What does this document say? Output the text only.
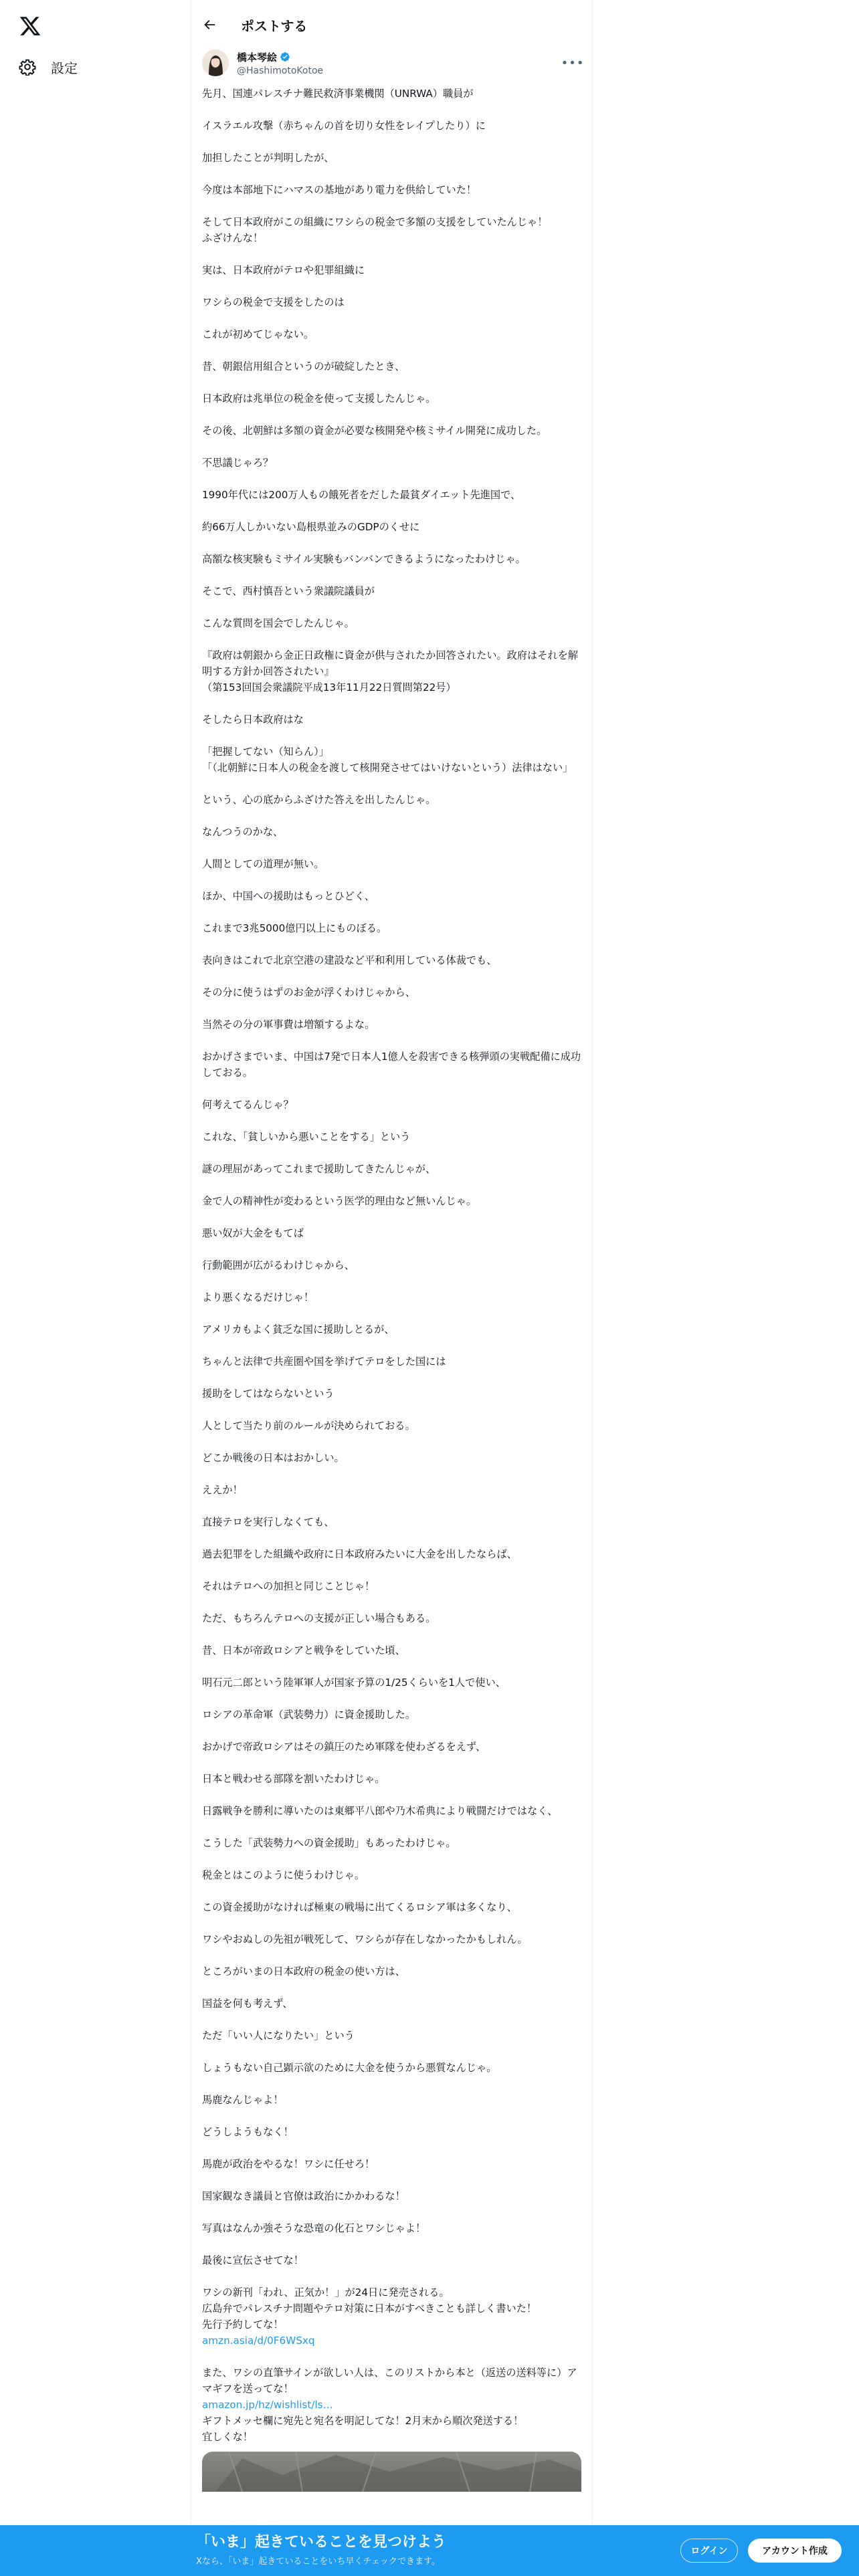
設定
ポストする
橋本琴絵
@HashimotoKotoe
•••
先月、国連パレスチナ難民救済事業機関（UNRWA）職員が
イスラエル攻撃（赤ちゃんの首を切り女性をレイプしたり）に
加担したことが判明したが、
今度は本部地下にハマスの基地があり電力を供給していた！
そして日本政府がこの組織にワシらの税金で多額の支援をしていたんじゃ！
ふざけんな！
実は、日本政府がテロや犯罪組織に
ワシらの税金で支援をしたのは
これが初めてじゃない。
昔、朝銀信用組合というのが破綻したとき、
日本政府は兆単位の税金を使って支援したんじゃ。
その後、北朝鮮は多額の資金が必要な核開発や核ミサイル開発に成功した。
不思議じゃろ？
1990年代には200万人もの餓死者をだした最貧ダイエット先進国で、
約66万人しかいない島根県並みのGDPのくせに
高額な核実験もミサイル実験もバンバンできるようになったわけじゃ。
そこで、西村慎吾という衆議院議員が
こんな質問を国会でしたんじゃ。
『政府は朝銀から金正日政権に資金が供与されたか回答されたい。政府はそれを解明する方針か回答されたい』
（第153回国会衆議院平成13年11月22日質問第22号）
そしたら日本政府はな
「把握してない（知らん）」
「（北朝鮮に日本人の税金を渡して核開発させてはいけないという）法律はない」
という、心の底からふざけた答えを出したんじゃ。
なんつうのかな、
人間としての道理が無い。
ほか、中国への援助はもっとひどく、
これまで3兆5000億円以上にものぼる。
表向きはこれで北京空港の建設など平和利用している体裁でも、
その分に使うはずのお金が浮くわけじゃから、
当然その分の軍事費は増額するよな。
おかげさまでいま、中国は7発で日本人1億人を殺害できる核弾頭の実戦配備に成功しておる。
何考えてるんじゃ？
これな、「貧しいから悪いことをする」という
謎の理屈があってこれまで援助してきたんじゃが、
金で人の精神性が変わるという医学的理由など無いんじゃ。
悪い奴が大金をもてば
行動範囲が広がるわけじゃから、
より悪くなるだけじゃ！
アメリカもよく貧乏な国に援助しとるが、
ちゃんと法律で共産圏や国を挙げてテロをした国には
援助をしてはならないという
人として当たり前のルールが決められておる。
どこか戦後の日本はおかしい。
ええか！
直接テロを実行しなくても、
過去犯罪をした組織や政府に日本政府みたいに大金を出したならば、
それはテロへの加担と同じことじゃ！
ただ、もちろんテロへの支援が正しい場合もある。
昔、日本が帝政ロシアと戦争をしていた頃、
明石元二郎という陸軍軍人が国家予算の1/25くらいを1人で使い、
ロシアの革命軍（武装勢力）に資金援助した。
おかげで帝政ロシアはその鎮圧のため軍隊を使わざるをえず、
日本と戦わせる部隊を割いたわけじゃ。
日露戦争を勝利に導いたのは東郷平八郎や乃木希典により戦闘だけではなく、
こうした「武装勢力への資金援助」もあったわけじゃ。
税金とはこのように使うわけじゃ。
この資金援助がなければ極東の戦場に出てくるロシア軍は多くなり、
ワシやおぬしの先祖が戦死して、ワシらが存在しなかったかもしれん。
ところがいまの日本政府の税金の使い方は、
国益を何も考えず、
ただ「いい人になりたい」という
しょうもない自己顕示欲のために大金を使うから悪質なんじゃ。
馬鹿なんじゃよ！
どうしようもなく！
馬鹿が政治をやるな！ワシに任せろ！
国家観なき議員と官僚は政治にかかわるな！
写真はなんか強そうな恐竜の化石とワシじゃよ！
最後に宣伝させてな！
ワシの新刊「われ、正気か！」が24日に発売される。
広島弁でパレスチナ問題やテロ対策に日本がすべきことも詳しく書いた！
先行予約してな！
amzn.asia/d/0F6WSxq
また、ワシの直筆サインが欲しい人は、このリストから本と（返送の送料等に）アマギフを送ってな！
amazon.jp/hz/wishlist/ls…
ギフトメッセ欄に宛先と宛名を明記してな！2月末から順次発送する！
宜しくな！
「いま」起きていることを見つけよう
Xなら、「いま」起きていることをいち早くチェックできます。
ログイン	アカウント作成
